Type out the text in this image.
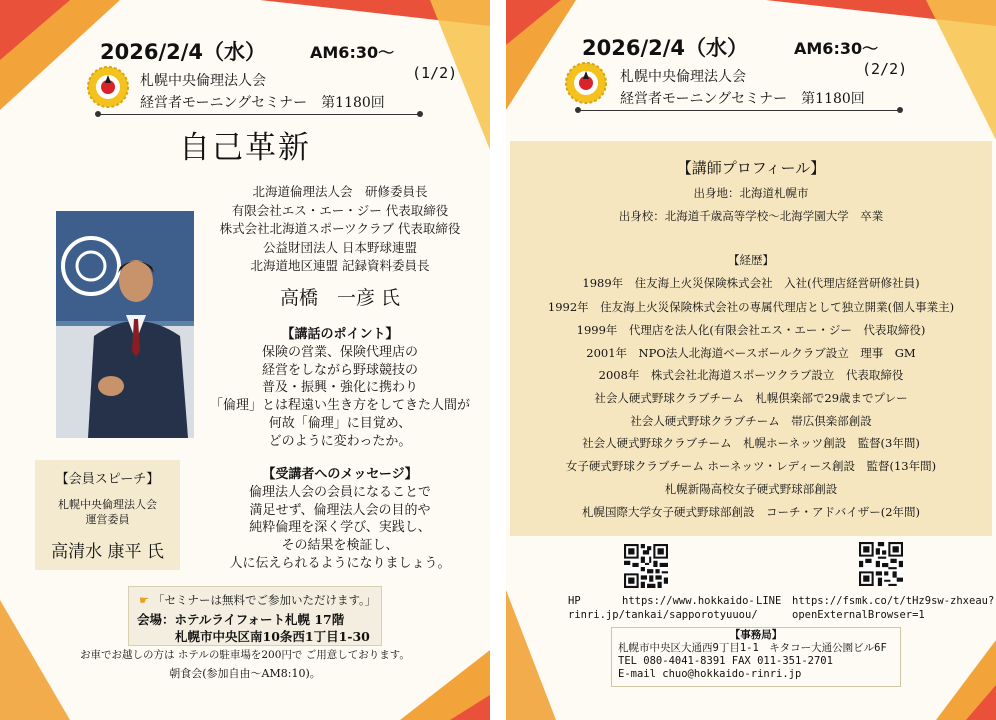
2026/2/4（水）	AM6:30〜
札幌中央倫理法人会
経営者モーニングセミナー　第1180回
(1/2)
自己革新
北海道倫理法人会　研修委員長
有限会社エス・エー・ジー 代表取締役
株式会社北海道スポーツクラブ 代表取締役
公益財団法人 日本野球連盟
北海道地区連盟 記録資料委員長
高橋　一彦 氏
【講話のポイント】
保険の営業、保険代理店の
経営をしながら野球競技の
普及・振興・強化に携わり
「倫理」とは程遠い生き方をしてきた人間が
何故「倫理」に目覚め、
どのように変わったか。
【受講者へのメッセージ】
倫理法人会の会員になることで
満足せず、倫理法人会の目的や
純粋倫理を深く学び、実践し、
その結果を検証し、
人に伝えられるようになりましょう。
【会員スピーチ】
札幌中央倫理法人会
運営委員
高清水 康平 氏
☛ 「セミナーは無料でご参加いただけます。」
会場：ホテルライフォート札幌 17階
札幌市中央区南10条西1丁目1-30
お車でお越しの方は ホテルの駐車場を200円で ご用意しております。
朝食会(参加自由〜AM8:10)。
2026/2/4（水）	AM6:30〜
札幌中央倫理法人会
経営者モーニングセミナー　第1180回
(2/2)
【講師プロフィール】
出身地：北海道札幌市
出身校：北海道千歳高等学校〜北海学園大学　卒業
【経歴】
1989年　住友海上火災保険株式会社　入社(代理店経営研修社員)
1992年　住友海上火災保険株式会社の専属代理店として独立開業(個人事業主)
1999年　代理店を法人化(有限会社エス・エー・ジー　代表取締役)
2001年　NPO法人北海道ベースボールクラブ設立　理事　GM
2008年　株式会社北海道スポーツクラブ設立　代表取締役
社会人硬式野球クラブチーム　札幌倶楽部で29歳までプレー
社会人硬式野球クラブチーム　帯広倶楽部創設
社会人硬式野球クラブチーム　札幌ホーネッツ創設　監督(3年間)
女子硬式野球クラブチーム ホーネッツ・レディース創設　監督(13年間)
札幌新陽高校女子硬式野球部創設
札幌国際大学女子硬式野球部創設　コーチ・アドバイザー(2年間)
HP	https://www.hokkaido-
rinri.jp/tankai/sapporotyuuou/
LINE https://fsmk.co/t/tHz9sw-zhxeau?
openExternalBrowser=1
【事務局】
札幌市中央区大通西9丁目1-1　キタコー大通公園ビル6F
TEL 080-4041-8391 FAX 011-351-2701
E-mail chuo@hokkaido-rinri.jp
